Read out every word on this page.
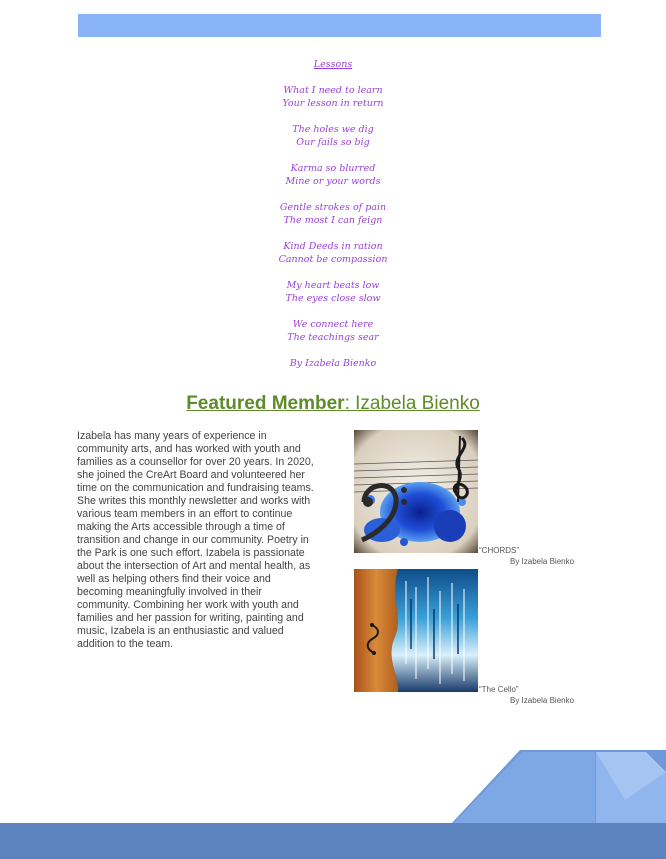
Lessons
What I need to learn
Your lesson in return
The holes we dig
Our fails so big
Karma so blurred
Mine or your words
Gentle strokes of pain
The most I can feign
Kind Deeds in ration
Cannot be compassion
My heart beats low
The eyes close slow
We connect here
The teachings sear
By Izabela Bienko
Featured Member: Izabela Bienko
Izabela has many years of experience in community arts, and has worked with youth and families as a counsellor for over 20 years. In 2020, she joined the CreArt Board and volunteered her time on the communication and fundraising teams. She writes this monthly newsletter and works with various team members in an effort to continue making the Arts accessible through a time of transition and change in our community. Poetry in the Park is one such effort. Izabela is passionate about the intersection of Art and mental health, as well as helping others find their voice and becoming meaningfully involved in their community. Combining her work with youth and families and her passion for writing, painting and music, Izabela is an enthusiastic and valued addition to the team.
“CHORDS”
By Izabela Bienko
“The Cello”
By Izabela Bienko
